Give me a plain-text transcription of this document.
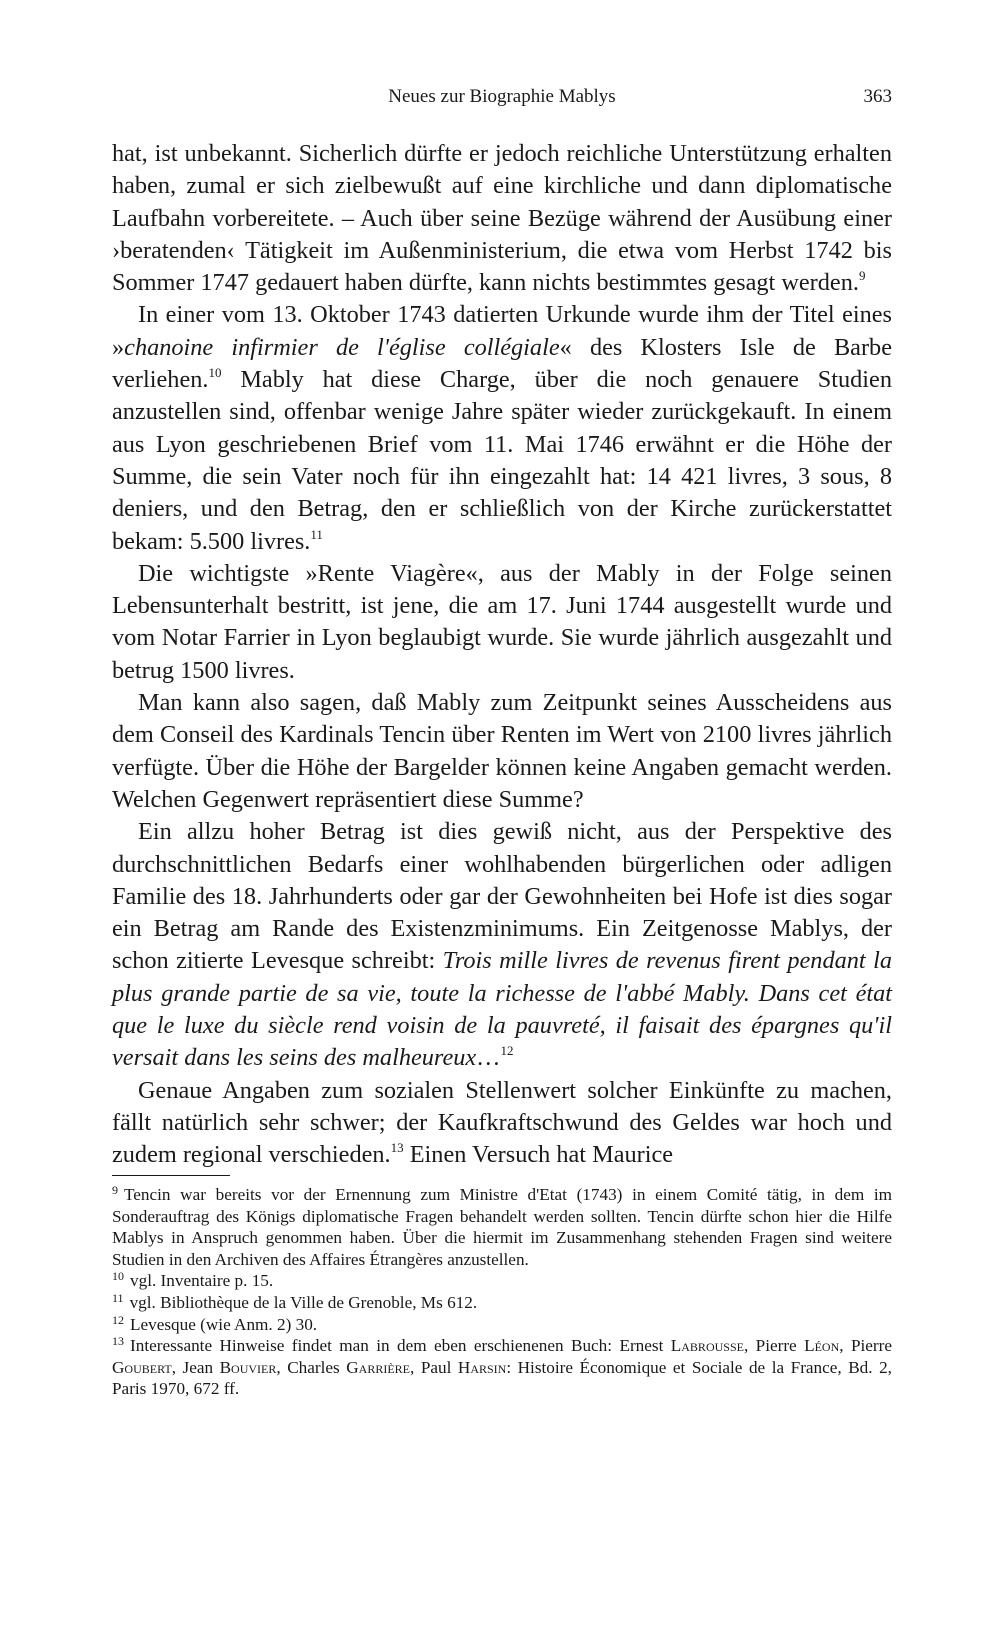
Neues zur Biographie Mablys	363

hat, ist unbekannt. Sicherlich dürfte er jedoch reichliche Unterstützung erhalten haben, zumal er sich zielbewußt auf eine kirchliche und dann diplomatische Laufbahn vorbereitete. – Auch über seine Bezüge während der Ausübung einer ›beratenden‹ Tätigkeit im Außenministerium, die etwa vom Herbst 1742 bis Sommer 1747 gedauert haben dürfte, kann nichts bestimmtes gesagt werden.$^9$

In einer vom 13. Oktober 1743 datierten Urkunde wurde ihm der Titel eines »chanoine infirmier de l'église collégiale« des Klosters Isle de Barbe verliehen.$^{10}$ Mably hat diese Charge, über die noch genauere Studien anzustellen sind, offenbar wenige Jahre später wieder zurückgekauft. In einem aus Lyon geschriebenen Brief vom 11. Mai 1746 erwähnt er die Höhe der Summe, die sein Vater noch für ihn eingezahlt hat: 14 421 livres, 3 sous, 8 deniers, und den Betrag, den er schließlich von der Kirche zurückerstattet bekam: 5.500 livres.$^{11}$

Die wichtigste »Rente Viagère«, aus der Mably in der Folge seinen Lebensunterhalt bestritt, ist jene, die am 17. Juni 1744 ausgestellt wurde und vom Notar Farrier in Lyon beglaubigt wurde. Sie wurde jährlich ausgezahlt und betrug 1500 livres.

Man kann also sagen, daß Mably zum Zeitpunkt seines Ausscheidens aus dem Conseil des Kardinals Tencin über Renten im Wert von 2100 livres jährlich verfügte. Über die Höhe der Bargelder können keine Angaben gemacht werden. Welchen Gegenwert repräsentiert diese Summe?

Ein allzu hoher Betrag ist dies gewiß nicht, aus der Perspektive des durchschnittlichen Bedarfs einer wohlhabenden bürgerlichen oder adligen Familie des 18. Jahrhunderts oder gar der Gewohnheiten bei Hofe ist dies sogar ein Betrag am Rande des Existenzminimums. Ein Zeitgenosse Mablys, der schon zitierte Levesque schreibt: Trois mille livres de revenus firent pendant la plus grande partie de sa vie, toute la richesse de l'abbé Mably. Dans cet état que le luxe du siècle rend voisin de la pauvreté, il faisait des épargnes qu'il versait dans les seins des malheureux…$^{12}$

Genaue Angaben zum sozialen Stellenwert solcher Einkünfte zu machen, fällt natürlich sehr schwer; der Kaufkraftschwund des Geldes war hoch und zudem regional verschieden.$^{13}$ Einen Versuch hat Maurice

$^9$ Tencin war bereits vor der Ernennung zum Ministre d'Etat (1743) in einem Comité tätig, in dem im Sonderauftrag des Königs diplomatische Fragen behandelt werden sollten. Tencin dürfte schon hier die Hilfe Mablys in Anspruch genommen haben. Über die hiermit im Zusammenhang stehenden Fragen sind weitere Studien in den Archiven des Affaires Étrangères anzustellen.

$^{10}$ vgl. Inventaire p. 15.

$^{11}$ vgl. Bibliothèque de la Ville de Grenoble, Ms 612.

$^{12}$ Levesque (wie Anm. 2) 30.

$^{13}$ Interessante Hinweise findet man in dem eben erschienenen Buch: Ernest Labrousse, Pierre Léon, Pierre Goubert, Jean Bouvier, Charles Garrière, Paul Harsin: Histoire Économique et Sociale de la France, Bd. 2, Paris 1970, 672 ff.
